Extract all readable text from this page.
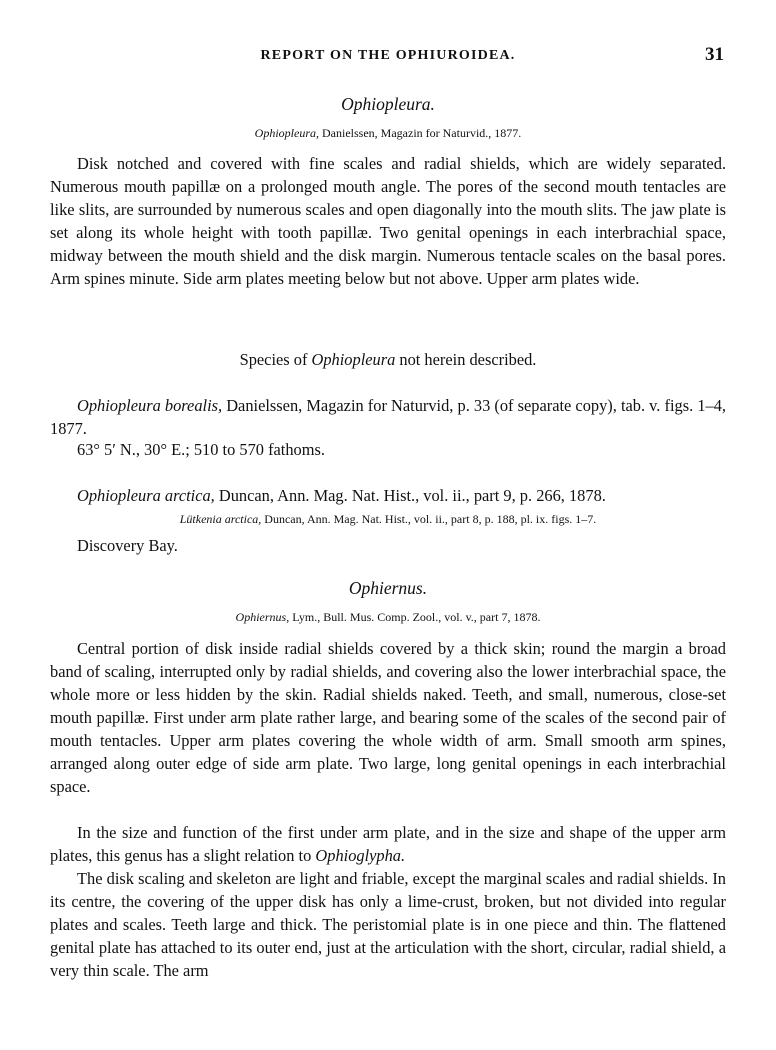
REPORT ON THE OPHIUROIDEA.	31
Ophiopleura.
Ophiopleura, Danielssen, Magazin for Naturvid., 1877.

Disk notched and covered with fine scales and radial shields, which are widely separated. Numerous mouth papillæ on a prolonged mouth angle. The pores of the second mouth tentacles are like slits, are surrounded by numerous scales and open diagonally into the mouth slits. The jaw plate is set along its whole height with tooth papillæ. Two genital openings in each interbrachial space, midway between the mouth shield and the disk margin. Numerous tentacle scales on the basal pores. Arm spines minute. Side arm plates meeting below but not above. Upper arm plates wide.

Species of Ophiopleura not herein described.

Ophiopleura borealis, Danielssen, Magazin for Naturvid, p. 33 (of separate copy), tab. v. figs. 1–4, 1877.

63° 5′ N., 30° E.; 510 to 570 fathoms.

Ophiopleura arctica, Duncan, Ann. Mag. Nat. Hist., vol. ii., part 9, p. 266, 1878.

Lütkenia arctica, Duncan, Ann. Mag. Nat. Hist., vol. ii., part 8, p. 188, pl. ix. figs. 1–7.
Discovery Bay.
Ophiernus.
Ophiernus, Lym., Bull. Mus. Comp. Zool., vol. v., part 7, 1878.

Central portion of disk inside radial shields covered by a thick skin; round the margin a broad band of scaling, interrupted only by radial shields, and covering also the lower interbrachial space, the whole more or less hidden by the skin. Radial shields naked. Teeth, and small, numerous, close-set mouth papillæ. First under arm plate rather large, and bearing some of the scales of the second pair of mouth tentacles. Upper arm plates covering the whole width of arm. Small smooth arm spines, arranged along outer edge of side arm plate. Two large, long genital openings in each interbrachial space.

In the size and function of the first under arm plate, and in the size and shape of the upper arm plates, this genus has a slight relation to Ophioglypha.

The disk scaling and skeleton are light and friable, except the marginal scales and radial shields. In its centre, the covering of the upper disk has only a lime-crust, broken, but not divided into regular plates and scales. Teeth large and thick. The peristomial plate is in one piece and thin. The flattened genital plate has attached to its outer end, just at the articulation with the short, circular, radial shield, a very thin scale. The arm
